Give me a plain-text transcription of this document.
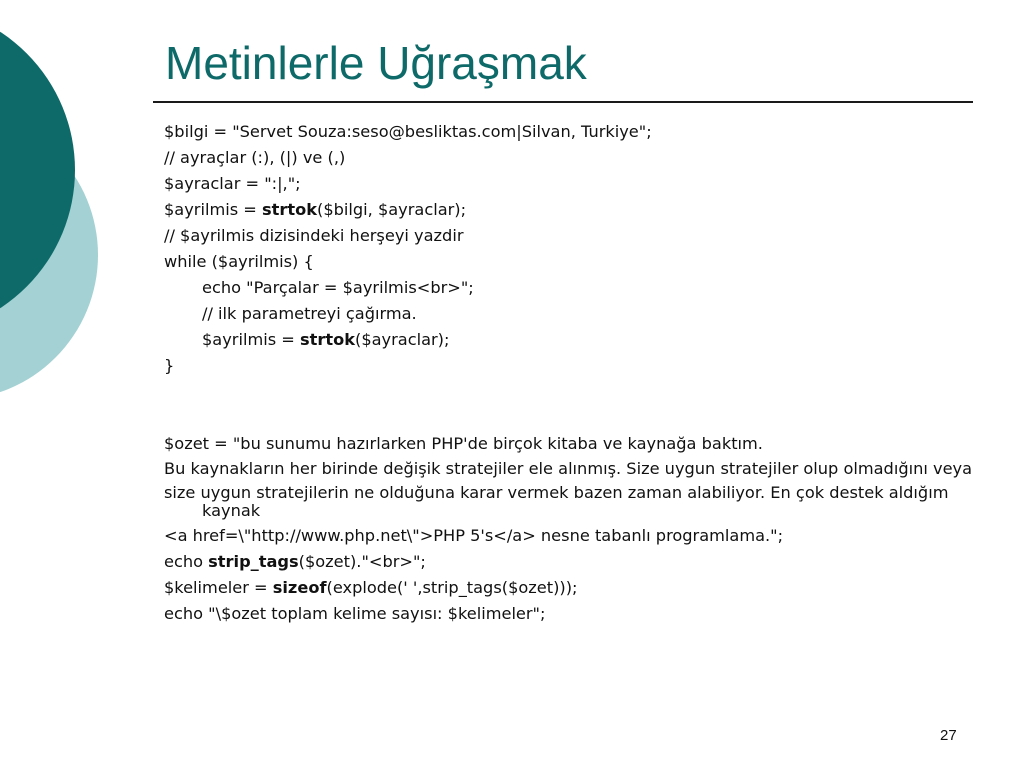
Metinlerle Uğraşmak

$bilgi = "Servet Souza:seso@besliktas.com|Silvan, Turkiye";

// ayraçlar (:), (|) ve (,)

$ayraclar = ":|,";

$ayrilmis = strtok($bilgi, $ayraclar);

// $ayrilmis dizisindeki herşeyi yazdir

while ($ayrilmis) {

echo "Parçalar = $ayrilmis<br>";

// ilk parametreyi çağırma.

$ayrilmis = strtok($ayraclar);

}

$ozet = "bu sunumu hazırlarken PHP'de birçok kitaba ve kaynağa baktım.

Bu kaynakların her birinde değişik stratejiler ele alınmış. Size uygun stratejiler olup olmadığını veya

size uygun stratejilerin ne olduğuna karar vermek bazen zaman alabiliyor. En çok destek aldığım kaynak

<a href=\"http://www.php.net\">PHP 5's</a> nesne tabanlı programlama.";

echo strip_tags($ozet)."<br>";

$kelimeler = sizeof(explode(' ',strip_tags($ozet)));

echo "\$ozet toplam kelime sayısı: $kelimeler";

27
